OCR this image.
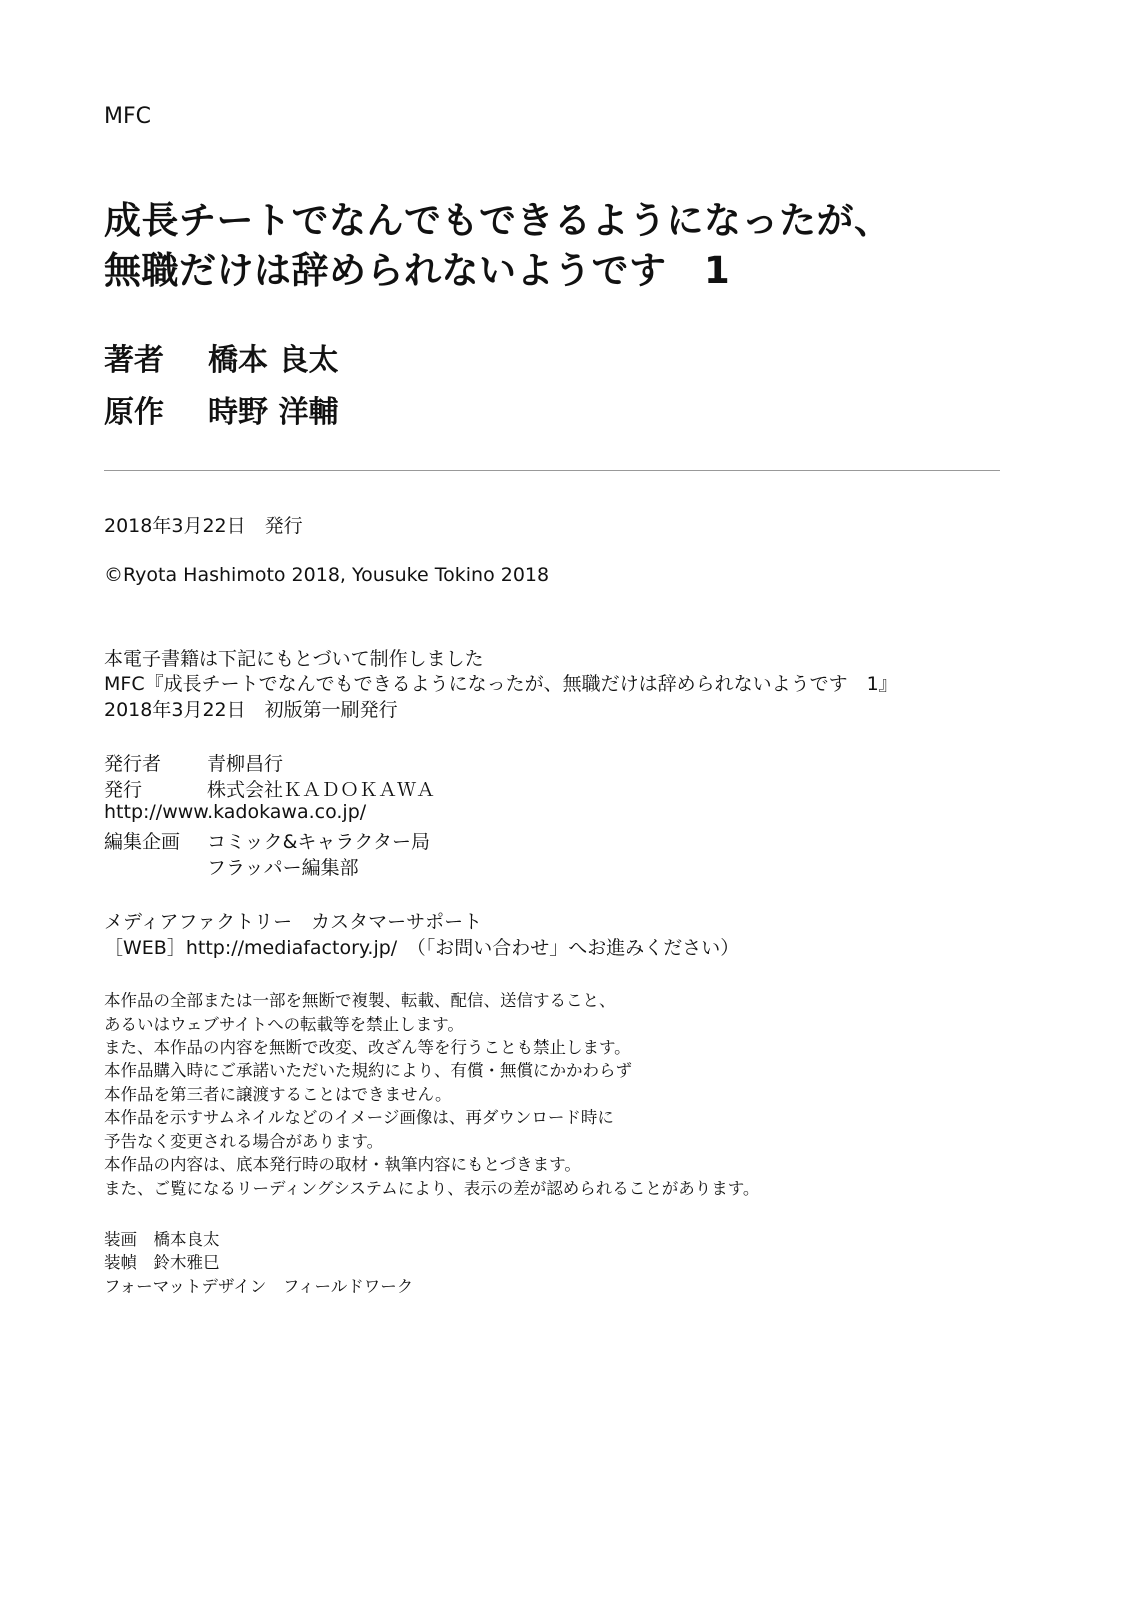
MFC
成長チートでなんでもできるようになったが、
無職だけは辞められないようです　1
著者 橋本 良太
原作 時野 洋輔
2018年3月22日　発行
©Ryota Hashimoto 2018, Yousuke Tokino 2018
本電子書籍は下記にもとづいて制作しました
MFC『成長チートでなんでもできるようになったが、無職だけは辞められないようです　1』
2018年3月22日　初版第一刷発行
発行者 青柳昌行
発行	株式会社ＫＡＤＯＫＡＷＡ
http://www.kadokawa.co.jp/
編集企画 コミック&キャラクター局
フラッパー編集部
メディアファクトリー　カスタマーサポート
［WEB］http://mediafactory.jp/　（「お問い合わせ」へお進みください）
本作品の全部または一部を無断で複製、転載、配信、送信すること、
あるいはウェブサイトへの転載等を禁止します。
また、本作品の内容を無断で改変、改ざん等を行うことも禁止します。
本作品購入時にご承諾いただいた規約により、有償・無償にかかわらず
本作品を第三者に譲渡することはできません。
本作品を示すサムネイルなどのイメージ画像は、再ダウンロード時に
予告なく変更される場合があります。
本作品の内容は、底本発行時の取材・執筆内容にもとづきます。
また、ご覧になるリーディングシステムにより、表示の差が認められることがあります。
装画　橋本良太
装幀　鈴木雅巳
フォーマットデザイン　フィールドワーク
